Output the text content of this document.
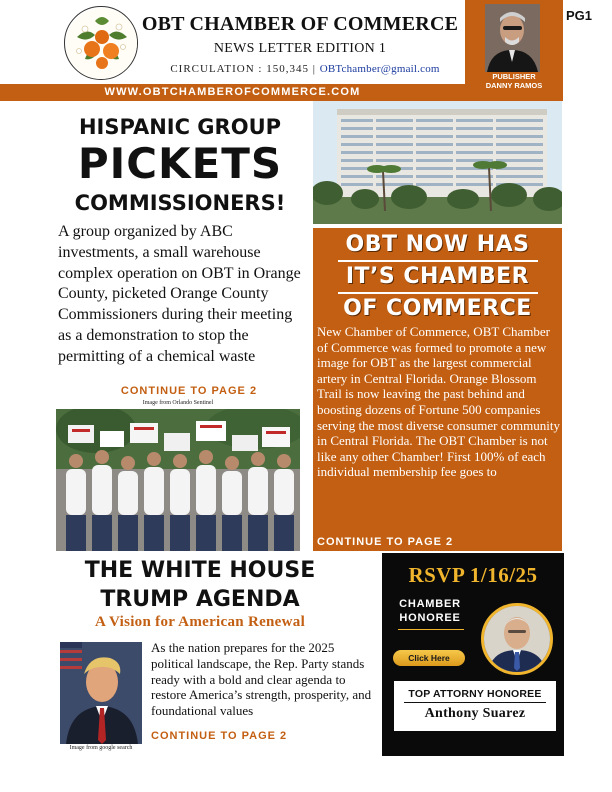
OBT CHAMBER OF COMMERCE
NEWS LETTER EDITION 1
CIRCULATION : 150,345 | OBTchamber@gmail.com
PUBLISHER
DANNY RAMOS
PG1
WWW.OBTCHAMBEROFCOMMERCE.COM
HISPANIC GROUP
PICKETS
COMMISSIONERS!
A group organized by ABC investments, a small warehouse complex operation on OBT in Orange County, picketed Orange County Commissioners during their meeting as a demonstration to stop the permitting of a chemical waste
CONTINUE TO PAGE 2
Image from Orlando Sentinel
OBT NOW HAS
IT’S CHAMBER
OF COMMERCE
New Chamber of Commerce, OBT Chamber of Commerce was formed to promote a new image for OBT as the largest commercial artery in Central Florida. Orange Blossom Trail is now leaving the past behind and boosting dozens of Fortune 500 companies serving the most diverse consumer community in Central Florida. The OBT Chamber is not like any other Chamber! First 100% of each individual membership fee goes to
CONTINUE TO PAGE 2
THE WHITE HOUSE
TRUMP AGENDA
A Vision for American Renewal
Image from google search
As the nation prepares for the 2025 political landscape, the Rep. Party stands ready with a bold and clear agenda to restore America’s strength, prosperity, and foundational values
CONTINUE TO PAGE 2
RSVP 1/16/25
CHAMBER
HONOREE
Click Here
TOP ATTORNY HONOREE
Anthony Suarez
